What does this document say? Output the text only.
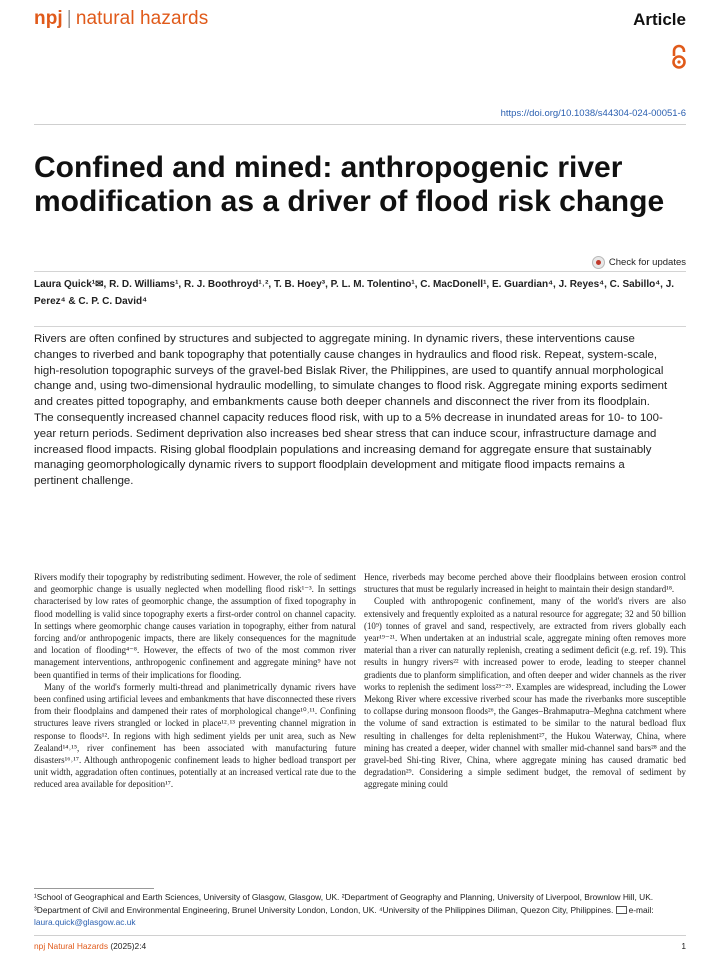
npj | natural hazards	Article
https://doi.org/10.1038/s44304-024-00051-6
Confined and mined: anthropogenic river modification as a driver of flood risk change
Check for updates
Laura Quick¹✉, R. D. Williams¹, R. J. Boothroyd¹˒², T. B. Hoey³, P. L. M. Tolentino¹, C. MacDonell¹, E. Guardian⁴, J. Reyes⁴, C. Sabillo⁴, J. Perez⁴ & C. P. C. David⁴
Rivers are often confined by structures and subjected to aggregate mining. In dynamic rivers, these interventions cause changes to riverbed and bank topography that potentially cause changes in hydraulics and flood risk. Repeat, system-scale, high-resolution topographic surveys of the gravel-bed Bislak River, the Philippines, are used to quantify annual morphological change and, using two-dimensional hydraulic modelling, to simulate changes to flood risk. Aggregate mining exports sediment and creates pitted topography, and embankments cause both deeper channels and disconnect the river from its floodplain. The consequently increased channel capacity reduces flood risk, with up to a 5% decrease in inundated areas for 10- to 100-year return periods. Sediment deprivation also increases bed shear stress that can induce scour, infrastructure damage and increased flood impacts. Rising global floodplain populations and increasing demand for aggregate ensure that sustainably managing geomorphologically dynamic rivers to support floodplain development and mitigate flood impacts remains a pertinent challenge.

Rivers modify their topography by redistributing sediment. However, the role of sediment and geomorphic change is usually neglected when modelling flood risk¹⁻³. In settings characterised by low rates of geomorphic change, the assumption of fixed topography in flood modelling is valid since topography exerts a first-order control on channel capacity. In settings where geomorphic change causes variation in topography, either from natural forcing and/or anthropogenic impacts, there are likely consequences for the magnitude and location of flooding⁴⁻⁸. However, the effects of two of the most common river management interventions, anthropogenic confinement and aggregate mining⁹ have not been quantified in terms of their implications for flooding.

Many of the world's formerly multi-thread and planimetrically dynamic rivers have been confined using artificial levees and embankments that have disconnected these rivers from their floodplains and dampened their rates of morphological change¹⁰˒¹¹. Confining structures leave rivers strangled or locked in place¹²˒¹³ preventing channel migration in response to floods¹². In regions with high sediment yields per unit area, such as New Zealand¹⁴˒¹⁵, river confinement has been associated with manufacturing future disasters¹⁶˒¹⁷. Although anthropogenic confinement leads to higher bedload transport per unit width, aggradation often continues, potentially at an increased vertical rate due to the reduced area available for deposition¹⁷.

Hence, riverbeds may become perched above their floodplains between erosion control structures that must be regularly increased in height to maintain their design standard¹⁸.

Coupled with anthropogenic confinement, many of the world's rivers are also extensively and frequently exploited as a natural resource for aggregate; 32 and 50 billion (10⁹) tonnes of gravel and sand, respectively, are extracted from rivers globally each year¹⁹⁻²¹. When undertaken at an industrial scale, aggregate mining often removes more material than a river can naturally replenish, creating a sediment deficit (e.g. ref. 19). This results in hungry rivers²² with increased power to erode, leading to steeper channel gradients due to planform simplification, and often deeper and wider channels as the river works to replenish the sediment loss²³⁻²⁵. Examples are widespread, including the Lower Mekong River where excessive riverbed scour has made the riverbanks more susceptible to collapse during monsoon floods²⁶, the Ganges–Brahmaputra–Meghna catchment where the volume of sand extraction is estimated to be similar to the natural bedload flux resulting in challenges for delta replenishment²⁷, the Hukou Waterway, China, where mining has created a deeper, wider channel with smaller mid-channel sand bars²⁸ and the gravel-bed Shi-ting River, China, where aggregate mining has caused dramatic bed degradation²⁹. Considering a simple sediment budget, the removal of sediment by aggregate mining could

¹School of Geographical and Earth Sciences, University of Glasgow, Glasgow, UK. ²Department of Geography and Planning, University of Liverpool, Brownlow Hill, UK. ³Department of Civil and Environmental Engineering, Brunel University London, London, UK. ⁴University of the Philippines Diliman, Quezon City, Philippines. e-mail: laura.quick@glasgow.ac.uk
npj Natural Hazards (2025)2:4	1
